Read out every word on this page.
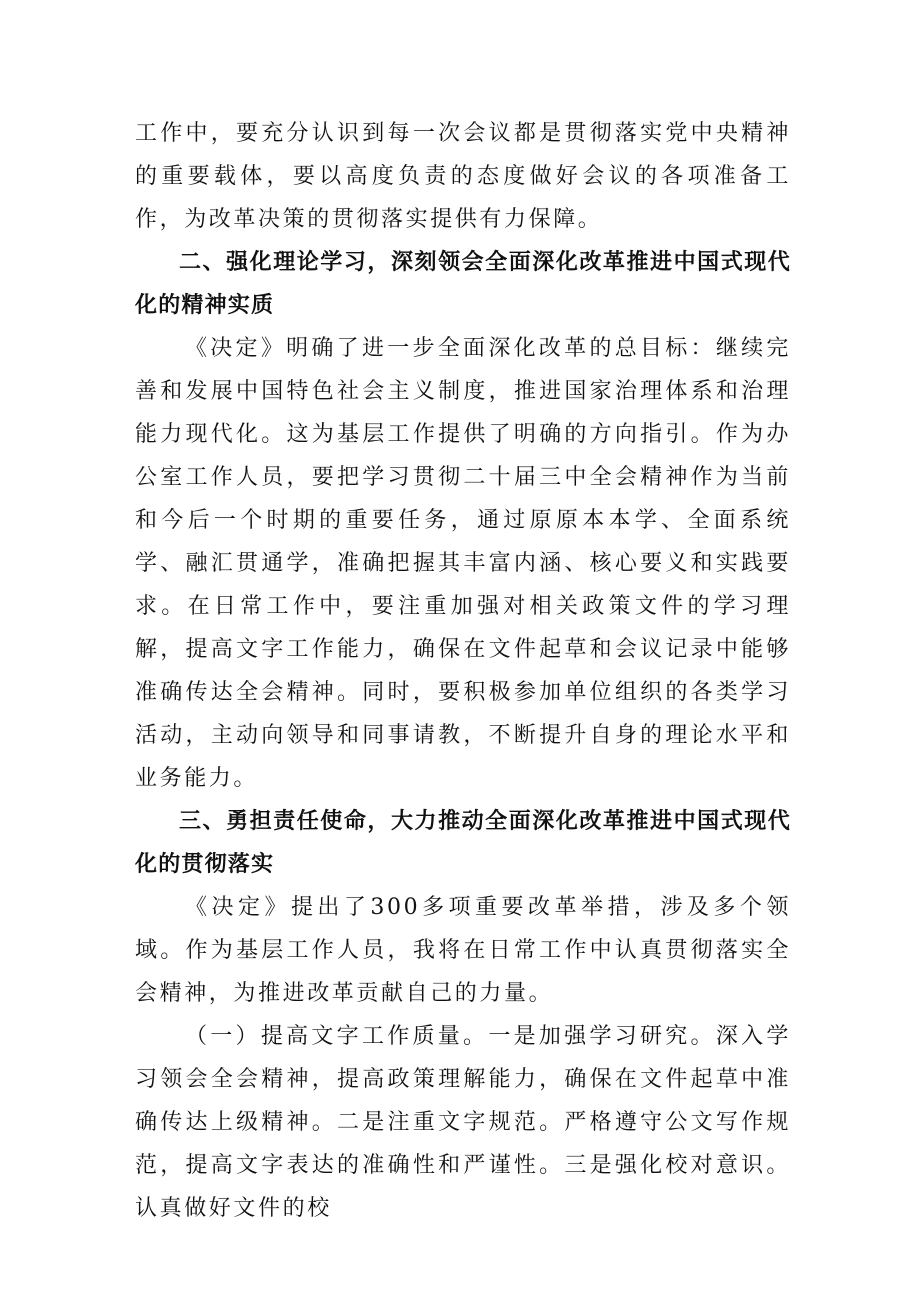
工作中，要充分认识到每一次会议都是贯彻落实党中央精神的重要载体，要以高度负责的态度做好会议的各项准备工作，为改革决策的贯彻落实提供有力保障。

二、强化理论学习，深刻领会全面深化改革推进中国式现代化的精神实质

《决定》明确了进一步全面深化改革的总目标：继续完善和发展中国特色社会主义制度，推进国家治理体系和治理能力现代化。这为基层工作提供了明确的方向指引。作为办公室工作人员，要把学习贯彻二十届三中全会精神作为当前和今后一个时期的重要任务，通过原原本本学、全面系统学、融汇贯通学，准确把握其丰富内涵、核心要义和实践要求。在日常工作中，要注重加强对相关政策文件的学习理解，提高文字工作能力，确保在文件起草和会议记录中能够准确传达全会精神。同时，要积极参加单位组织的各类学习活动，主动向领导和同事请教，不断提升自身的理论水平和业务能力。

三、勇担责任使命，大力推动全面深化改革推进中国式现代化的贯彻落实

《决定》提出了300多项重要改革举措，涉及多个领域。作为基层工作人员，我将在日常工作中认真贯彻落实全会精神，为推进改革贡献自己的力量。

（一）提高文字工作质量。一是加强学习研究。深入学习领会全会精神，提高政策理解能力，确保在文件起草中准确传达上级精神。二是注重文字规范。严格遵守公文写作规范，提高文字表达的准确性和严谨性。三是强化校对意识。认真做好文件的校
